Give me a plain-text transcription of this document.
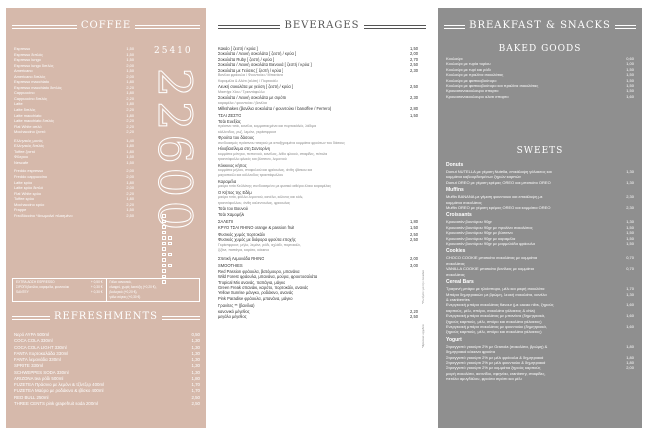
COFFEE
Espresso	1,50
Espresso διπλός	1,50
Espresso lungo	1,50
Espresso lungo διπλός	2,00
Americano	1,50
Americano διπλός	2,00
Espresso macchiato	1,80
Espresso macchiato διπλός	2,20
Cappuccino	1,80
Cappuccino διπλός	2,20
Latte	1,80
Latte διπλός	2,20
Latte macchiato	1,80
Latte macchiato διπλός	2,20
Flat White απλό	2,20
Mochaccino ζεστό	2,20
Ελληνικός μονός	1,40
Ελληνικός διπλός	1,80
Toffee ζεστό	1,80
Φίλτρου	1,50
Nescafe	1,50
Freddo espresso	2,00
Freddo cappuccino	2,00
Latte κρύο	1,80
Latte κρύο διπλό	2,00
Flat White κρύο	2,20
Toffee κρύο	1,80
Mochaccino κρύο	2,20
Frappe	1,50
Frεdδόccino *Ανωμαλεί πλασμένο	2,50
25410
22600
EXTRA ΔΟΣΗ ESPRESSO	+ 0,50 €
ΣΙΡΟΠΙ βανίλια, καραμέλα, φουντούκι	+ 0,30 €
SANTEY	+ 0,30 €
Γάλα: κανονικό,
ελαφρύ, χωρίς λακτόζη (+0,20 €),
βιολογικό (+0,20 €),
γάλα σόγιας (+0,30 €)
REFRESHMENTS
Νερό ΑΥΡΑ 500ml	0,50
COCA COLA 330ml	1,30
COCA COLA LIGHT 330ml	1,30
FANTA πορτοκαλάδα 330ml	1,30
FANTA λεμονάδα 330ml	1,30
SPRITE 330ml	1,30
SCHWEPPES SODA 330ml	1,30
ARIZONA tea ρόδι 500ml	1,80
FUZETEA Πράσινο με λεμόνι & τζίντζερ 400ml	1,70
FUZETEA Μαύρο με ροδάκινο & ιβίσκο 400ml	1,70
RED BULL 250ml	2,50
THREE CENTS pink grapefruit soda 200ml	2,50
BEVERAGES
Κακάο [ ζεστή / κρύα ]	1,50
Σοκολάτα / Λευκή σοκολάτα [ ζεστή / κρύα ]	2,00
Σοκολάτα Ruby [ ζεστή / κρύα ]	2,70
Σοκολάτα / Λευκή σοκολάτα Βιενουά [ ζεστή / κρύα ]	2,50
Σοκολάτα με Γεύσεις [ ζεστή / κρύα ]	2,30
Βανίλια φράουλα / Φουντούκι / Μπανάνα
Καραμέλα & Αλάτι (αλάτι) / Πορτοκάλι
Λευκή σοκολάτα με γεύση [ ζεστή / κρύα ]	2,50
Μαστίχα Χίου / Τριαντάφυλλο
Σοκολάτα / Λευκή σοκολάτα με σιρόπι	2,30
καραμέλα / φουντούκι / βανίλια
Milkshakes (βανίλια σοκολάτα / φουντούκι / banoffee / Ferrero)	2,80
ΤΣΑΙ ΖΕΣΤΟ	1,50
Τσάι Ευεξίας
πράσινο τσάι, κανέλα, κομματιαςμένα και πορτοκάλι/ο, λάδιμα
κόλλινιδος, ρυζ, λεμόνι, γκρέιπφρουτ
Φρούτα του δάσους
συνδυασμός πράσινου τσαγιού με αποξηραμένα κομμάτια φρούτων του δάσους
Ηλιοβασίλεμα στη Σαντορίνη
κομμάτια μάνγκο, πεπονιού, κανέλας, λιθίο φλοιού, σταφίδες, πέταλα
τριαντάφυλλο φλοιός και βύσσινο, λεμονιού
Κόκκινος κήπος
κομμάτια μήλου, σταφυλιού και φράουλας, άνθη ιβίσκου και
μαγιοπούλι και κόλλινιδος τριαντάφυλλου
Καραμέλα
μαύρο τσάι Κεϋλάνης συνδυασμένο με φυσικό αιθέριο έλαιο καραμέλας
Ο Κήπος της Εδέμ
μαύρο τσάι, φύλλα λεμονιού, κανέλα, κόλινος και κόλι,
τριαντάφυλλου, άνθη καλεντουλας, φραουλας
Τσάι του Βουνού
Τσάι Χαμομήλι
ΣΑΛΕΠΙ	1,80
ΚΡΥΟ ΤΣΑΙ RHINO orange & passion fruit	1,50
Φυσικός χυμός πορτοκάλι	2,50
Φυσικός χυμός με διάφορα φρούτα εποχής	2,50
Γκρέιπφρουτ, μήλο, λεμόνι, ρόδι, αχλάδι, πορτοκάλι,
ζιζάνι, παπάγια, καρότο, κόκκινο
Σπιτική Λεμονάδα RHINO	2,00
SMOOTHIES	3,00
Red Passion φράουλα, βατόμουρο, μπανάνα
Wild Forest φράουλα, μπανάνα, μούρα, φρουτοσαλάτα
Tropical Mix ανανάς, παπάγια, μάγκο
Green Freak σπανάκι, καρότο, πορτοκάλι, ανανάς
Yellow Sunrise μάνγκο, ροδάκινο, ανανάς
Pink Paradise φράουλα, μπανάνα, μάγκο
Γρανίτες ** (βανίλια)
κανονικό μέγεθος	2,20
μεγάλο μέγεθος	2,50
*Φρέσκια ορχιδέα
*Ρωτήστε για την ποικιλία
BREAKFAST & SNACKS
BAKED GOODS
Κουλούρι	0,60
Κουλούρι με τυρία τυρίου	1,00
Κουλούρι με τυρί και ρόδι	1,50
Κουλούρι με πραλίνα σοκολάτας	1,50
Κουλούρι με φιστικοβούτυρο	1,50
Κουλούρι με φιστικοβούτυρο και πραλίνα σοκολάτας	1,50
Κρουασανοκουλουρο σπαρτο	1,50
Κρουασανοκουλουρο αλατι σπαρτο	1,60
SWEETS
Donuts
Donut NUTELLA με γέμιση Nutella, επικάλυψη γάλακτος και	1,30
κομμάτια καβουρδισμένων ξηρών καρπών
Donut OREO με γέμιση κρέμας OREO και μπισκότο OREO	1,30
Muffins
Muffin BANANA με γέμιση φουντουκι και επικάλυψη με	2,30
κομμάτια σοκολάτας
Muffin OREO με γέμιση κρέμας OREO και κομμάτια OREO	2,30
Croissants
Κρουασάν βουτύρου 90gr	1,30
Κρουασάν βουτύρου 90gr με πραλίνα σοκολάτας	1,50
Κρουασάν βουτύρου 90gr με βύσσινο	1,50
Κρουασάν βουτύρου 90gr με καραμέλα	1,50
Κρουασάν βουτύρου 90gr με μαρμελάδα φράουλα	1,50
Cookies
CHOCO COOKIE μπισκότο σοκολάτας με κομμάτια	0,70
σοκολάτας
VANILLA COOKIE μπισκότο βανίλιας με κομμάτια	0,70
σοκολάτας
Cereal Bars
Τραγανή μπάρα με ηλιόσπορο, μέλι και μικρή σοκολάτα	1,70
Μπάρα δημητριακών με βρώμη, λευκή σοκολάτα, κανέλα	1,30
& cranberries
Ενεργειακή μπάρα σοκολάτας flavour (με cacao nibs, ξηρούς	1,60
καρπούς, μέλι, σπόρο, σοκολάτα γάλακτος & chia)
Ενεργειακή μπάρα σοκολάτας με μπανάνα (δημητριακά,	1,60
ξηρούς καρπούς, μέλι, σπόρο και σοκολάτα γάλακτος)
Ενεργειακή μπάρα σοκολάτας με φουντούκι (δημητριακά,	1,60
ξηρούς καρπούς, μέλι, σπόρο και σοκολάτα γάλακτος)
Yogurt
Στραγγιστό γιαούρτι 2% με Granola (σοκολάτα, βρώμη) &	1,80
δημητριακά κόκκινα φρούτα
Στραγγιστό γιαούρτι 2% με μέλι φράουλα & δημητριακά	1,80
Στραγγιστό γιαούρτι 2% με μέλι φουντούκι & δημητριακά	1,80
Στραγγιστό γιαούρτι 2% με κομμάτια ξηρούς καρπούς	2,00
μικρή σοκολάτα, ακτινίδιο, σφηνάκι, cranberry, σταφίδες,
πετάλα αμυγδάλου, φρούτα σιρόπι και μέλι
